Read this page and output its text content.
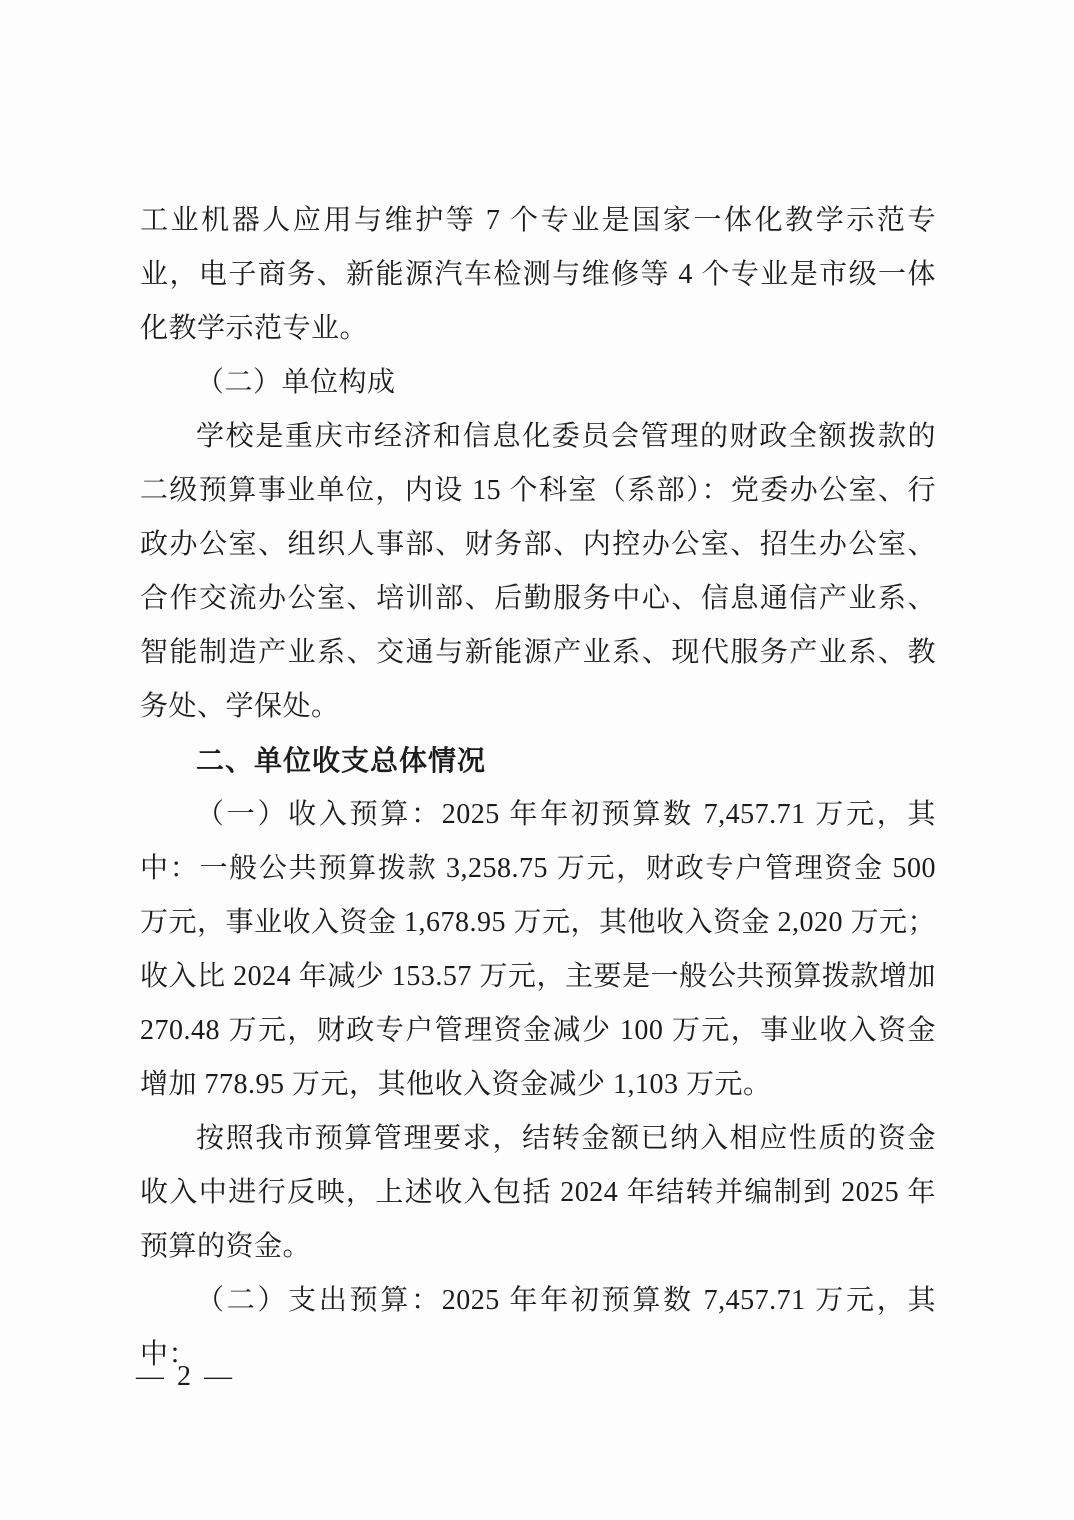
工业机器人应用与维护等 7 个专业是国家一体化教学示范专业，电子商务、新能源汽车检测与维修等 4 个专业是市级一体化教学示范专业。

（二）单位构成

学校是重庆市经济和信息化委员会管理的财政全额拨款的二级预算事业单位，内设 15 个科室（系部）：党委办公室、行政办公室、组织人事部、财务部、内控办公室、招生办公室、合作交流办公室、培训部、后勤服务中心、信息通信产业系、智能制造产业系、交通与新能源产业系、现代服务产业系、教务处、学保处。

二、单位收支总体情况

（一）收入预算：2025 年年初预算数 7,457.71 万元，其中：一般公共预算拨款 3,258.75 万元，财政专户管理资金 500 万元，事业收入资金 1,678.95 万元，其他收入资金 2,020 万元；收入比 2024 年减少 153.57 万元，主要是一般公共预算拨款增加 270.48 万元，财政专户管理资金减少 100 万元，事业收入资金增加 778.95 万元，其他收入资金减少 1,103 万元。

按照我市预算管理要求，结转金额已纳入相应性质的资金收入中进行反映，上述收入包括 2024 年结转并编制到 2025 年预算的资金。

（二）支出预算：2025 年年初预算数 7,457.71 万元，其中：

— 2 —
